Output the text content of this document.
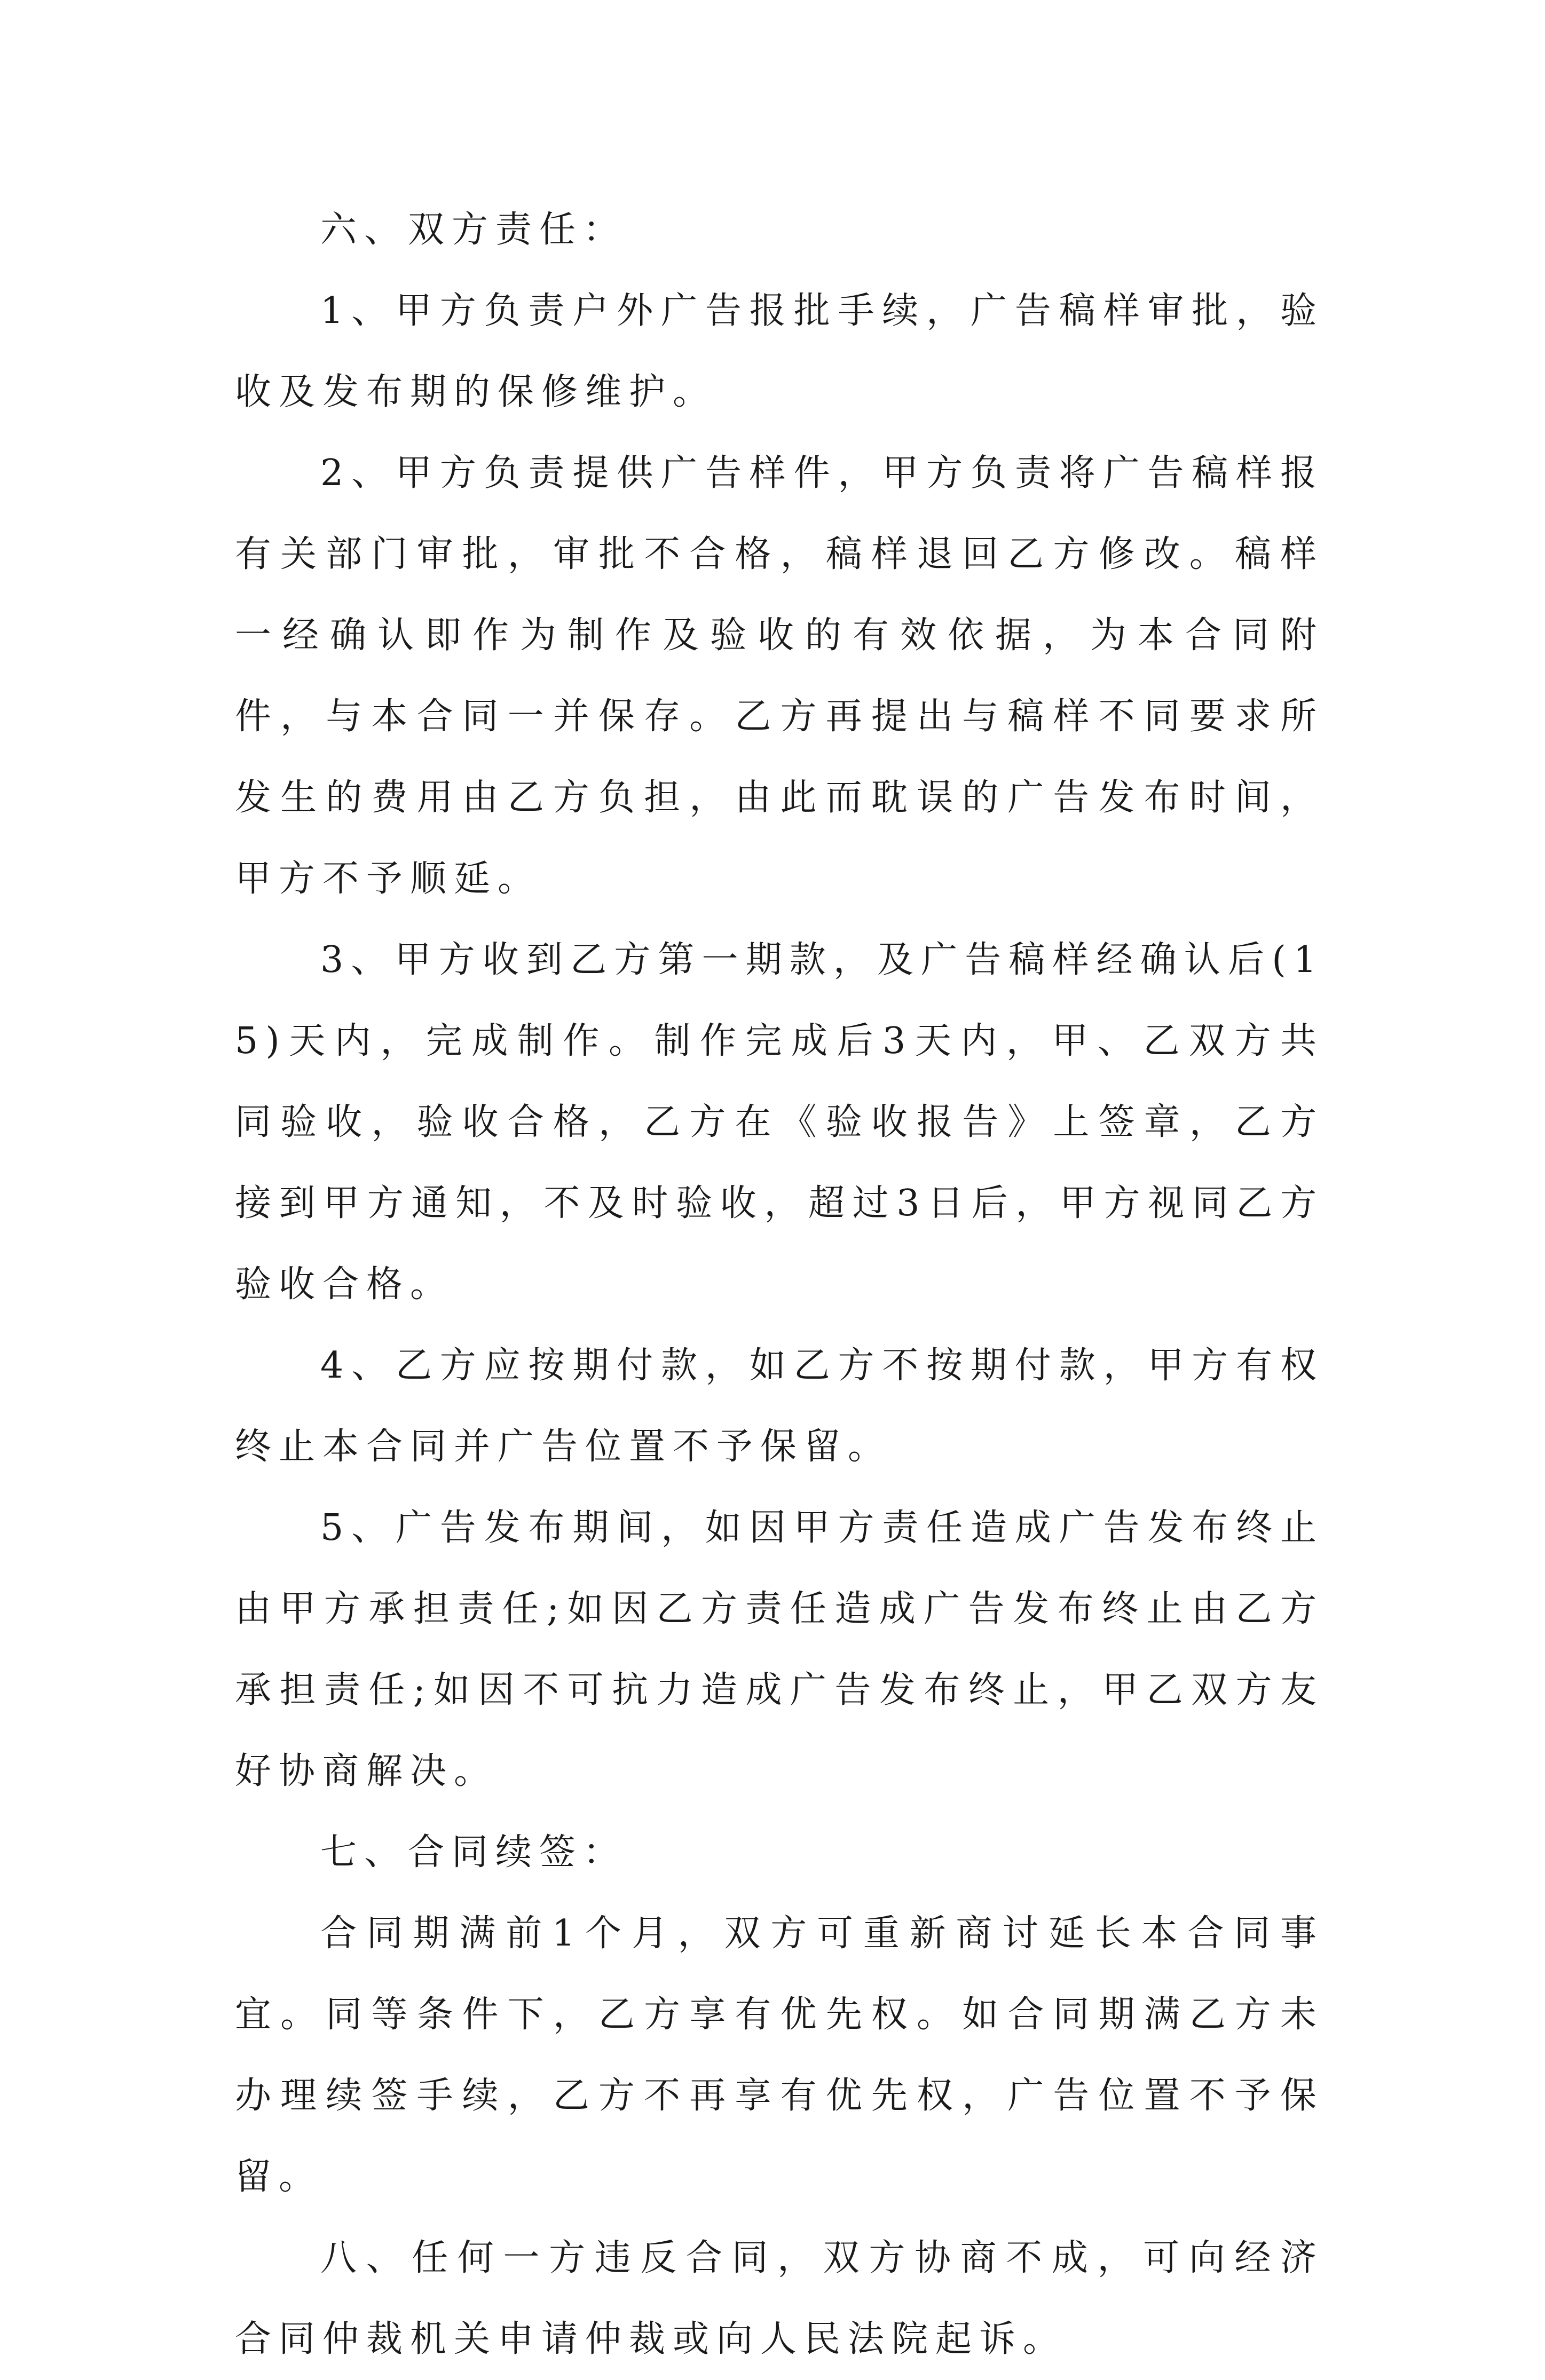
六、双方责任：

1、甲方负责户外广告报批手续，广告稿样审批，验收及发布期的保修维护。

2、甲方负责提供广告样件，甲方负责将广告稿样报有关部门审批，审批不合格，稿样退回乙方修改。稿样一经确认即作为制作及验收的有效依据，为本合同附件，与本合同一并保存。乙方再提出与稿样不同要求所发生的费用由乙方负担，由此而耽误的广告发布时间，甲方不予顺延。

3、甲方收到乙方第一期款，及广告稿样经确认后(15)天内，完成制作。制作完成后3天内，甲、乙双方共同验收，验收合格，乙方在《验收报告》上签章，乙方接到甲方通知，不及时验收，超过3日后，甲方视同乙方验收合格。

4、乙方应按期付款，如乙方不按期付款，甲方有权终止本合同并广告位置不予保留。

5、广告发布期间，如因甲方责任造成广告发布终止由甲方承担责任;如因乙方责任造成广告发布终止由乙方承担责任;如因不可抗力造成广告发布终止，甲乙双方友好协商解决。

七、合同续签：

合同期满前1个月，双方可重新商讨延长本合同事宜。同等条件下，乙方享有优先权。如合同期满乙方未办理续签手续，乙方不再享有优先权，广告位置不予保留。

八、任何一方违反合同，双方协商不成，可向经济合同仲裁机关申请仲裁或向人民法院起诉。
